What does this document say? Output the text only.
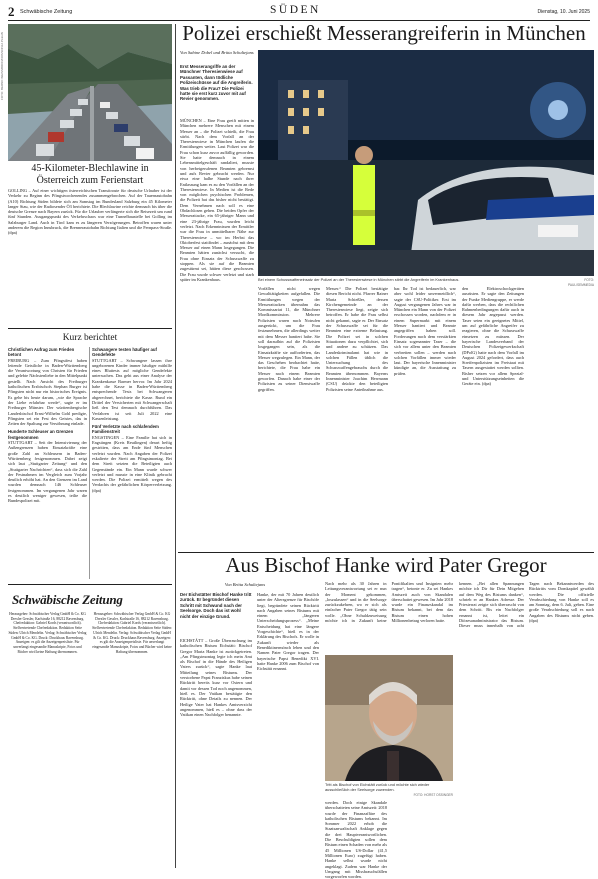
2 Schwäbische Zeitung	SÜDEN	Dienstag, 10. Juni 2025
FOTO: BERND WEISSBROD/DPA/SONJA PLEHN
45-Kilometer-Blechlawine in Österreich zum Ferienstart
GOLLING – Auf einer wichtigen österreichischen Transitroute für deutsche Urlauber ist der Verkehr zu Beginn des Pfingstwochenendes zusammengebrochen. Auf der Tauernautobahn (A10) Richtung Süden bildete sich am Samstag im Bundesland Salzburg ein 45 Kilometer langer Stau, wie der Radiosender Ö3 berichtete. Die Blechlawine reichte demnach bis über die deutsche Grenze nach Bayern zurück. Für die Urlauber verlängerte sich die Reisezeit um rund fünf Stunden. Ausgangspunkt des Verkehrschaos war eine Tunnelbaustelle bei Golling im Salzburger Land. Auch in Tirol kam es zu längeren Verzögerungen. Betroffen waren unter anderem die Region Innsbruck, die Brennerautobahn Richtung Italien und die Fernpass-Straße. (dpa)
Kurz berichtet
Christlichen Aufrag zum Frieden betont
FREIBURG – Zum Pfingstfest haben leitende Geistliche in Baden-Württemberg die Verantwortung von Christen für Frieden und gelebte Nächstenliebe in den Mittelpunkt gestellt. Nach Ansicht des Freiburger katholischen Erzbischofs Stephan Burger ist Pfingsten nicht nur ein historisches Ereignis. Es gehe bis heute darum, „wie die Sprache der Liebe erfahrbar werde“, sagte er im Freiburger Münster. Der württembergische Landesbischof Ernst-Wilhelm Gohl predigte, Pfingsten sei ein Fest des Geistes, das in Zeiten der Spaltung zur Versöhnung einlade.
Hunderte Schleuser an Grenzen festgenommen
STUTTGART – Seit der Intensivierung der Außengrenzen haben Einsatzkräfte eine große Zahl an Schleusern in Baden-Württemberg festgenommen. Dabei zeigt sich laut „Stuttgarter Zeitung“ und den „Stuttgarter Nachrichten“, dass sich die Zahl der Festnahmen im Vergleich zum Vorjahr deutlich erhöht hat. An den Grenzen im Land wurden demnach 146 Schleuser festgenommen. Im vergangenen Jahr waren es deutlich weniger gewesen, teilte die Bundespolizei mit.
Schwangere testen häufiger auf Gendefekte
STUTTGART – Schwangere lassen ihre ungeborenen Kinder immer häufiger mithilfe eines Bluttests auf mögliche Gendefekte untersuchen. Das geht aus einer Analyse der Krankenkasse Barmer hervor. Im Jahr 2024 habe die Kasse in Baden-Württemberg entsprechende Tests bei Schwangeren abgerechnet, berichtete die Kasse. Rund ein Drittel der Versicherten mit Schwangerschaft ließ den Test demnach durchführen. Das Verfahren ist seit Juli 2022 eine Kassenleistung.
Fünf Verletzte nach schlafendem Familienstreit
ENGSTINGEN – Eine Familie hat sich in Engstingen (Kreis Reutlingen) derart heftig gestritten, dass am Ende fünf Menschen verletzt wurden. Nach Angaben der Polizei eskalierte der Streit am Pfingstmontag. Bei dem Streit setzten die Beteiligten auch Gegenstände ein. Ein Mann wurde schwer verletzt und musste in eine Klinik gebracht werden. Die Polizei ermittelt wegen des Verdachts der gefährlichen Körperverletzung. (dpa)
Schwäbische Zeitung
Herausgeber: Schwäbischer Verlag GmbH & Co. KG Drexler Gessler, Karlstraße 16, 88212 Ravensburg. Chefredaktion: Gabriel Kords (verantwortlich). Stellvertretende Chefredaktion. Redaktion Seite Süden: Ulrich Mendelin. Verlag: Schwäbischer Verlag GmbH & Co. KG. Druck: Druckhaus Ravensburg. Anzeigen: es gilt die Anzeigenpreisliste. Für unverlangt eingesandte Manuskripte, Fotos und Bücher wird keine Haftung übernommen.
Herausgeber: Schwäbischer Verlag GmbH & Co. KG Drexler Gessler, Karlstraße 16, 88212 Ravensburg. Chefredaktion: Gabriel Kords (verantwortlich). Stellvertretende Chefredaktion. Redaktion Seite Süden: Ulrich Mendelin. Verlag: Schwäbischer Verlag GmbH & Co. KG. Druck: Druckhaus Ravensburg. Anzeigen: es gilt die Anzeigenpreisliste. Für unverlangt eingesandte Manuskripte, Fotos und Bücher wird keine Haftung übernommen.
Polizei erschießt Messerangreiferin in München
Von Sabine Dobel und Britta Schultejans
Erst Messerangriffe an der Münchner Theresienwiese auf Passanten, dann tödliche Polizeischüsse auf die Angreiferin. Was trieb die Frau? Die Polizei hatte sie erst kurz zuvor mit auf Revier genommen.
MÜNCHEN – Eine Frau greift mitten in München mehrere Menschen mit einem Messer an – die Polizei schießt, die Frau stirbt. Nach dem Vorfall an der Theresienwiese in München laufen die Ermittlungen weiter. Laut Polizei war die Frau schon kurz zuvor auffällig geworden. Sie hatte demnach in einem Lebensmittelgeschäft randaliert, musste von herbeigerufenen Beamten gebremst und aufs Revier gebracht werden. Nur etwa eine halbe Stunde nach ihrer Entlassung kam es zu den Vorfällen an der Theresienwiese. In Medien ist die Rede von möglichen psychischen Problemen, die Polizeit hat das bisher nicht bestätigt. Dem Vernehmen nach soll es eine Obdachlosen gehen. Die beiden Opfer der Messerattacke, ein 65-jähriger Mann und eine 23-jährige Frau, wurden leicht verletzt. Nach Erkenntnissen der Ermittler war die Frau in unmittelbarer Nähe zur Theresienwiese – wo im Herbst das Oktoberfest stattfindet – zunächst mit dem Messer auf einen Mann losgegangen. Die Beamten hätten zunächst versucht, die Frau ohne Einsatz der Schusswaffe zu stoppen. Als sie auf die Beamten zugestürmt sei, hätten diese geschossen. Die Frau wurde schwer verletzt und starb später im Krankenhaus.	Bei einem Schusswaffeneinsatz der Polizei an der Theresienwiese in München stirbt die Angreiferin im Krankenhaus.	FOTO: PAUL/SEMMEDIA
Vorfällen nicht wegen Gewalttätigkeiten aufgefallen. Die Ermittlungen wegen der Messerattacken übernahm das Kommissariat 11, die Münchner Mordkommission. Mehrere Polizisten waren nach Notrufen ausgerückt, um die Frau festzunehmen, die allerdings weiter mit dem Messer hantiert habe. Sie soll daraufhin auf die Polizisten losgegangen sein, als die Einsatzkräfte sie aufforderten, das Messer wegzulegen. Ein Mann, der das Geschehen beobachtet hatte, berichtete, die Frau habe ein Messer nach einem Beamten geworfen. Danach habe einer der Polizisten zu seiner Dienstwaffe gegriffen.
Messer.“ Die Polizei bestätigte diesen Bericht nicht. Pfarrer Rainer Maria Schießler, dessen Kirchengemeinde an der Theresienwiese liegt, zeigte sich betroffen. Er habe die Frau selbst nicht gekannt, sagte er. Der Einsatz der Schusswaffe sei für die Beamten eine extreme Belastung. Die Polizei sei in solchen Situationen dazu verpflichtet, sich und andere zu schützen. Das Landeskriminalamt hat wie in solchen Fällen üblich die Untersuchung des Schusswaffengebrauchs durch die Beamten übernommen. Bayerns Innenminister Joachim Herrmann (CSU) drückte den beteiligten Polizisten seine Anteilnahme aus.
bar. Ihr Tod ist bedauerlich, war aber wohl leider unvermeidlich“, sagte der CSU-Politiker. Erst im August vergangenen Jahres war in München ein Mann von der Polizei erschossen worden, nachdem er in einem Supermarkt mit einem Messer hantiert und Beamte angegriffen haben soll. Forderungen nach dem verstärkten Einsatz sogenannter Taser – die sich vor allem unter den Beamten verbreiten sollen – werden nach solchen Vorfällen immer wieder laut. Der bayerische Innenminister kündigte an, die Ausstattung zu prüfen.
den Elektroschockgeräten ausrüsten. Er sagte den Zeitungen der Funke Mediengruppe, er werde dafür werben, dass die rechtlichen Rahmenbedingungen dafür auch in diesem Jahr angepasst werden. Taser seien ein geeignetes Mittel, um auf gefährliche Angreifer zu reagieren, ohne die Schusswaffe einsetzen zu müssen. Der bayerische Landesverband der Deutschen Polizeigewerkschaft (DPolG) hatte nach dem Vorfall im August 2024 gefordert, dass auch Streifenpolizisten im Freistaat mit Tasern ausgestattet werden sollten. Bisher setzen vor allem Spezial- und Unterstützungseinheiten die Geräte ein. (dpa)
Aus Bischof Hanke wird Pater Gregor
Von Britta Schultejans
Der Eichstätter Bischof Hanke tritt zurück. Er begründet diesen Schritt mit Schwund nach der Seelsorge. Doch das ist wohl nicht der einzige Grund.
EICHSTÄTT – Große Überraschung im katholischen Bistum Eichstätt: Bischof Gregor Maria Hanke ist zurückgetreten. „Am Pfingstmontag legte ich mein Amt als Bischof in die Hände des Heiligen Vaters zurück“, sagte Hanke laut Mitteilung seines Bistums. Der verstorbene Papst Franziskus habe seinen Rücktritt bereits kurz vor Ostern und damit vor dessen Tod noch angenommen, hieß es. Der Vatikan bestätigte den Rücktritt, ohne Details zu nennen. Der Heilige Vater hat Hankes Amtsverzicht angenommen, hieß es – ohne dass der Vatikan einen Nachfolger benannte.
Hanke, der mit 70 Jahren deutlich unter der Altersgrenze für Bischöfe liegt, begründete seinen Rücktritt nach Angaben seines Bistums mit einem „längeren Unterscheidungsprozess“. „Meine Entscheidung hat eine längere Vorgeschichte“, hieß es in der Erklärung des Bischofs. Er wolle in Zukunft wieder als Benediktinermönch leben und den Namen Pater Gregor tragen. Der bayerische Papst Benedikt XVI. hatte Hanke 2006 zum Bischof von Eichstätt ernannt.
Nach mehr als 30 Jahren in Leitungsverantwortung sei er nun der Moment gekommen, „loszulassen“ und in die Seelsorge zurückzukehren, wo er sich als einfacher Pater Gregor tätig sein wolle. „Ohne Schuldzuweisung möchte ich in Zukunft keine Pontifikalien und Insignien mehr tragen“, betonte er. Zu sei Hankes Amtszeit auch von Skandalen überschattet gewesen. Im Jahr 2018 wurde ein Finanzskandal im Bistum bekannt, bei dem das Bistum einen hohen Millionenbetrag verloren hatte.
Tritt als Bischof von Eichstätt zurück und möchte sich wieder ausschließlich der Seelsorge zuwenden.
FOTO: HORST OSSINGER
werden. Doch einige Skandale überschatteten seine Amtszeit: 2018 wurde der Finanzaffäre des katholischen Bistums bekannt. Im Sommer 2022 erhob die Staatsanwaltschaft Anklage gegen die drei Hauptverantwortlichen. Die Beschuldigten sollen dem Bistum einen Schaden von mehr als 45 Millionen US-Dollar (41,5 Millionen Euro) zugefügt haben. Hanke selbst wurde nicht angeklagt. Zudem war Hanke der Umgang mit Missbrauchsfällen vorgeworfen worden.
kennen. „Bei allen Spannungen möchte ich Dir für Dein Mitgehen auf dem Weg des Bistums danken“, schrieb er an Hankes Adresse. Der Priesterrat zeigte sich überrascht von dem Schritt. Bis ein Nachfolger ernannt ist, leitet ein Diözesanadministrator das Bistum. Dieser muss innerhalb von acht Tagen nach Bekanntwerden des Rücktritts vom Domkapitel gewählt werden. Die offizielle Verabschiedung von Hanke soll es am Sonntag, dem 6. Juli, geben. Eine große Verabschiedung soll es nach Angaben des Bistums nicht geben. (dpa)
